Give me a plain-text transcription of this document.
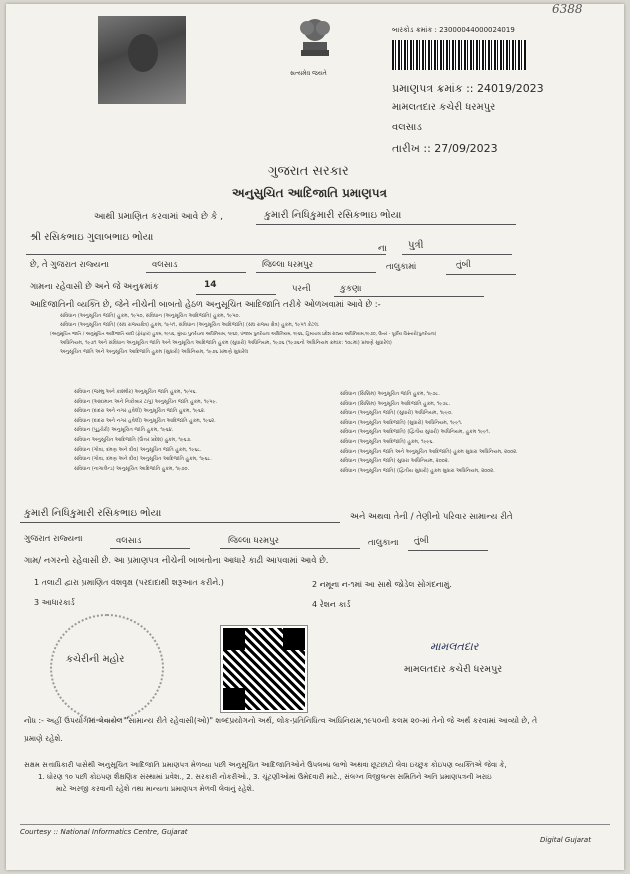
6388
સત્યમેવ જયતે
બારકોડ ક્રમાંક : 23000044000024019
પ્રમાણપત્ર ક્રમાંક :: 24019/2023
મામલતદાર કચેરી ધરમપુર
વલસાડ
તારીખ :: 27/09/2023
ગુજરાત સરકાર
અનુસુચિત આદિજાતિ પ્રમાણપત્ર
આથી પ્રમાણિત કરવામાં આવે છે કે ,	કુમારી નિધિકુમારી રસિકભાઇ ભોયા
શ્રી રસિકભાઇ ગુલાબભાઇ ભોયા
ના પુત્રી
છે, તે ગુજરાત રાજ્યના	વલસાડ	જિલ્લા ધરમપુર	તાલુકામાં	તુંબી
ગામના રહેવાસી છે અને જે અનુક્રમાંક	14	પરની	કુકણા
આદિજાતિની વ્યક્તિ છે, જેને નીચેની બાબતો હેઠળ અનુસૂચિત આદિજાતિ તરીકે ઓળખવામાં આવે છે :-
સંવિધાન (અનુસૂચિત જાતિ) હુકમ, ૧૯૫૦, સંવિધાન (અનુસૂચિત આદિજાતિ) હુકમ, ૧૯૫૦.
સંવિધાન (અનુસૂચિત જાતિ) (સંઘ રાજ્યક્ષેત્ર) હુકમ, ૧૯૫૧, સંવિધાન (અનુસૂચિત આદિજાતિ) (સંઘ રાજ્ય ક્ષેત્ર) હુકમ, ૧૯૫૧ કેટલ.
(અનુસૂચિત જાતિ / અનુસૂચિત આદિજાતિ યાદી (ફેરફાર) હુકમ, ૧૯૫૬, મુંબઇ પુનર્રચના અધિનિયમ, ૧૯૬૦, પંજાબ પુનર્રચના અધિનિયમ, ૧૯૬૬, હિમાચલ પ્રદેશ રાજ્ય અધિનિયમ,૧૯૭૦, ઉત્તર - પૂર્વીય વિસ્તારો(પુનર્રચના)
અધિનિયમ, ૧૯૭૧ અને સંવિધાન અનુસૂચિત જાતિ અને અનુસૂચિત આદિજાતિ હુકમ (સુધારો) અધિનિયમ, ૧૯૭૬ (૧૯૭૬નો અધિનિયમ ક્રમાંક: ૧૦૮માં) પ્રમાણે સુધારેલ)
અનુસૂચિત જાતિ અને અનુસૂચિત આદિજાતિ હુકમ (સુધારો) અધિનિયમ, ૧૯૭૬ પ્રમાણે સુધારેલ
સંવિધાન (જમ્મુ અને કાશ્મીર) અનુસૂચિત જાતિ હુકમ, ૧૯૫૬.
સંવિધાન (આંદામાન અને નિકોબાર ટાપુ) અનુસૂચિત જાતિ હુકમ, ૧૯૫૯.
સંવિધાન (દાદરા અને નગર હવેલી) અનુસૂચિત જાતિ હુકમ, ૧૯૬૨.
સંવિધાન (દાદરા અને નગર હવેલી) અનુસૂચિત આદિજાતિ હુકમ, ૧૯૬૨.
સંવિધાન (પુડુચેરી) અનુસૂચિત જાતિ હુકમ, ૧૯૬૪.
સંવિધાન અનુસૂચિત આદિજાતિ (ઉત્તર પ્રદેશ) હુકમ, ૧૯૬૭.
સંવિધાન (ગોવા, દમણ અને દીવ) અનુસૂચિત જાતિ હુકમ, ૧૯૬૮.
સંવિધાન (ગોવા, દમણ અને દીવ) અનુસૂચિત આદિજાતિ હુકમ, ૧૯૬૮.
સંવિધાન (નાગાલેન્ડ) અનુસૂચિત આદિજાતિ હુકમ, ૧૯૭૦.
સંવિધાન (સિક્કિમ) અનુસૂચિત જાતિ હુકમ, ૧૯૭૮.
સંવિધાન (સિક્કિમ) અનુસૂચિત આદિજાતિ હુકમ, ૧૯૭૮.
સંવિધાન (અનુસૂચિત જાતિ) (સુધારો) અધિનિયમ, ૧૯૯૦.
સંવિધાન (અનુસૂચિત આદિજાતિ) (સુધારો) અધિનિયમ, ૧૯૯૧.
સંવિધાન (અનુસૂચિત આદિજાતિ) (દ્વિતીય સુધારો) અધિનિયમ, હુકમ ૧૯૯૧.
સંવિધાન (અનુસૂચિત આદિજાતિ) હુકમ, ૧૯૯૬.
સંવિધાન (અનુસૂચિત જાતિ અને અનુસૂચિત આદિજાતિ) હુકમ સુધારા અધિનિયમ, ૨૦૦૨.
સંવિધાન (અનુસૂચિત જાતિ) સુધારા અધિનિયમ, ૨૦૦૨.
સંવિધાન (અનુસૂચિત જાતિ) (દ્વિતીય સુધારો) હુકમ સુધારા અધિનિયમ, ૨૦૦૨.
કુમારી નિધિકુમારી રસિકભાઇ ભોયા	અને અથવા તેની / તેણીનો પરિવાર સામાન્ય રીતે
ગુજરાત રાજ્યના	વલસાડ	જિલ્લા ધરમપુર	તાલુકાના તુંબી
ગામ/ નગરનો રહેવાસી છે. આ પ્રમાણપત્ર નીચેની બાબતોના આધારે કાઢી આપવામાં આવે છે.
1 તલાટી દ્વારા પ્રમાણિત વંશવૃક્ષ (પરદાદાથી શરૂઆત કરીને.)	2 નમૂના ન-૧માં આ સાથે જોડેલ સોગંદનામું.
3 આધારકાર્ડ	4 રેશન કાર્ડ
કચેરીની મહોર
મામલતદાર
મામલતદાર કચેરી ધરમપુર
નોંધ :- અહીં ઉપયોગમાં લેવાયેલ "સામાન્ય રીતે રહેવાસી(ઓ)" શબ્દપ્રયોગનો અર્થ, લોક-પ્રતિનિધિત્વ અધિનિયમ,૧૯૫૦ની કલમ ૨૦-માં તેનો જે અર્થ કરવામાં આવ્યો છે, તે
પ્રમાણે રહેશે.
સક્ષમ સત્તાધિકારી પાસેથી અનુસૂચિત આદિજાતિ પ્રમાણપત્ર મેળવ્યા પછી અનુસૂચિત આદિજાતિઓને ઉપલબ્ધ લાભો અથવા છૂટછાટો લેવા ઇચ્છુક કોઇપણ વ્યક્તિએ જેવા કે,
1. ધોરણ ૧૦ પછી કોઇપણ શૈક્ષણિક સંસ્થામાં પ્રવેશ., 2. સરકારી નોકરીઓ., 3. ચૂંટણીઓમાં ઉમેદવારી માટે., સંલગ્ન વિજીલન્સ સમિતિને અતિ પ્રમાણપત્રની ખરાઇ
માટે અરજી કરવાની રહેશે તથા માન્યતા પ્રમાણપત્ર મેળવી લેવાનું રહેશે.
Courtesy :: National Informatics Centre, Gujarat
Digital Gujarat
